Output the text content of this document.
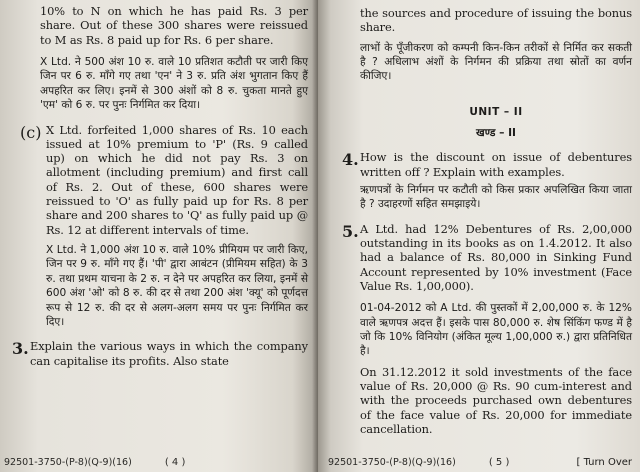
10% to N on which he has paid Rs. 3 per share. Out of these 300 shares were reissued to M as Rs. 8 paid up for Rs. 6 per share.

X Ltd. ने 500 अंश 10 रु. वाले 10 प्रतिशत कटौती पर जारी किए जिन पर 6 रु. माँगे गए तथा 'एन' ने 3 रु. प्रति अंश भुगतान किए हैं अपहरित कर लिए। इनमें से 300 अंशों को 8 रु. चुकता मानते हुए 'एम' को 6 रु. पर पुनः निर्गमित कर दिया।

(c) X Ltd. forfeited 1,000 shares of Rs. 10 each issued at 10% premium to 'P' (Rs. 9 called up) on which he did not pay Rs. 3 on allotment (including premium) and first call of Rs. 2. Out of these, 600 shares were reissued to 'O' as fully paid up for Rs. 8 per share and 200 shares to 'Q' as fully paid up @ Rs. 12 at different intervals of time.

X Ltd. ने 1,000 अंश 10 रु. वाले 10% प्रीमियम पर जारी किए, जिन पर 9 रु. माँगे गए हैं। 'पी' द्वारा आबंटन (प्रीमियम सहित) के 3 रु. तथा प्रथम याचना के 2 रु. न देने पर अपहरित कर लिया, इनमें से 600 अंश 'ओ' को 8 रु. की दर से तथा 200 अंश 'क्यू' को पूर्णदत्त रूप से 12 रु. की दर से अलग-अलग समय पर पुनः निर्गमित कर दिए।

3. Explain the various ways in which the company can capitalise its profits. Also state

92501-3750-(P-8)(Q-9)(16)	( 4 )

the sources and procedure of issuing the bonus share.

लाभों के पूँजीकरण को कम्पनी किन-किन तरीकों से निर्मित कर सकती है ? अधिलाभ अंशों के निर्गमन की प्रक्रिया तथा स्रोतों का वर्णन कीजिए।

UNIT – II
खण्ड – II
4. How is the discount on issue of debentures written off ? Explain with examples.

ऋणपत्रों के निर्गमन पर कटौती को किस प्रकार अपलिखित किया जाता है ? उदाहरणों सहित समझाइये।

5. A Ltd. had 12% Debentures of Rs. 2,00,000 outstanding in its books as on 1.4.2012. It also had a balance of Rs. 80,000 in Sinking Fund Account represented by 10% investment (Face Value Rs. 1,00,000).

01-04-2012 को A Ltd. की पुस्तकों में 2,00,000 रु. के 12% वाले ऋणपत्र अदत्त हैं। इसके पास 80,000 रु. शेष सिंकिंग फण्ड में है जो कि 10% विनियोग (अंकित मूल्य 1,00,000 रु.) द्वारा प्रतिनिधित है।

On 31.12.2012 it sold investments of the face value of Rs. 20,000 @ Rs. 90 cum-interest and with the proceeds purchased own debentures of the face value of Rs. 20,000 for immediate cancellation.

92501-3750-(P-8)(Q-9)(16)	( 5 )	[ Turn Over
